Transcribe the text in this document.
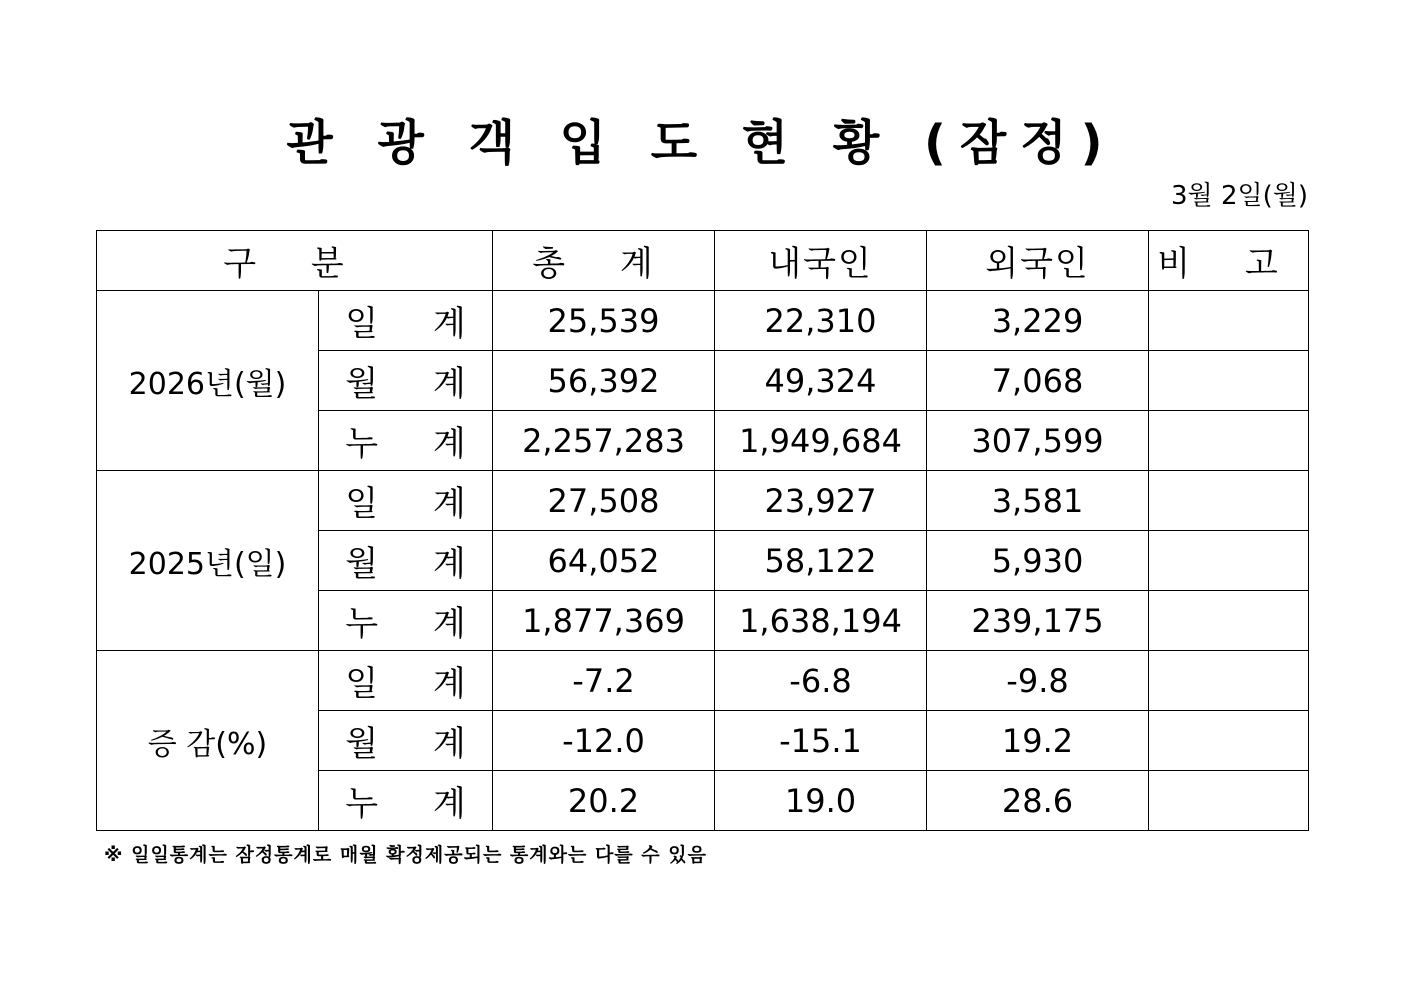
관 광 객 입 도 현 황 (잠정)
3월 2일(월)
구 분		총 계	내국인	외국인	비 고
2026년(월)	일 계	25,539	22,310	3,229	
	월 계	56,392	49,324	7,068	
	누 계	2,257,283	1,949,684	307,599	
2025년(일)	일 계	27,508	23,927	3,581	
	월 계	64,052	58,122	5,930	
	누 계	1,877,369	1,638,194	239,175	
증 감(%)	일 계	-7.2	-6.8	-9.8	
	월 계	-12.0	-15.1	19.2	
	누 계	20.2	19.0	28.6	
※ 일일통계는 잠정통계로 매월 확정제공되는 통계와는 다를 수 있음
